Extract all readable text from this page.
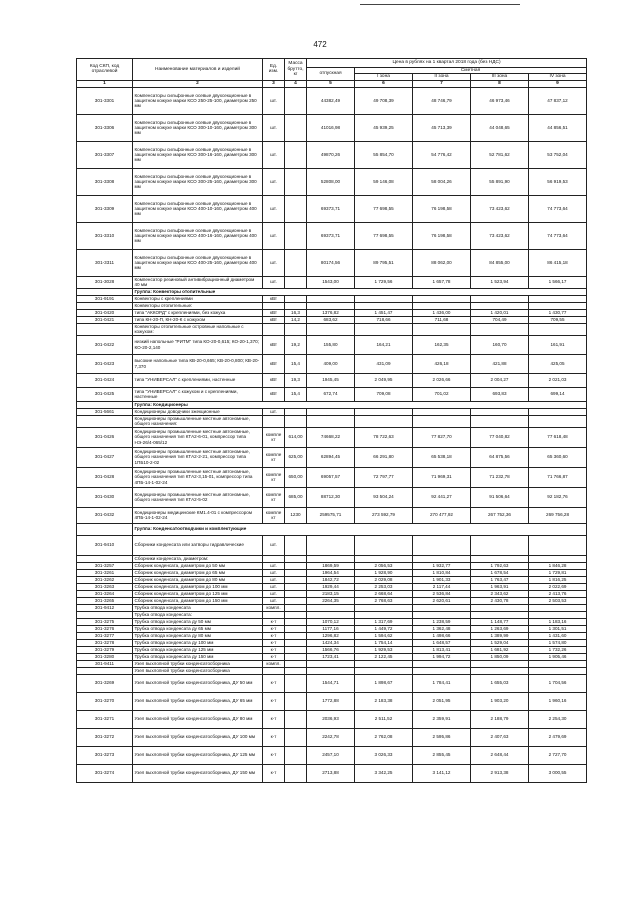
472
Код СКП, код отраслевой	Наименование материалов и изделий	Ед. изм.	Масса брутто, кг	Цена в рублях на 1 квартал 2018 года (без НДС)				
				отпускная	Сметная			
					I зона	II зона	III зона	IV зона
1	2	3	4	5	6	7	8	9
301-3301	Компенсаторы сильфонные осевые двухсекционные в защитном кожухе марки КСО 250-25-100, диаметром 250 мм	шт.		44382,49	49 708,39	48 746,79	46 973,46	47 837,12
301-3306	Компенсаторы сильфонные осевые двухсекционные в защитном кожухе марки КСО 300-10-160, диаметром 300 мм	шт.		41016,98	45 939,25	45 713,39	44 048,65	44 856,51
301-3307	Компенсаторы сильфонные осевые двухсекционные в защитном кожухе марки КСО 300-16-160, диаметром 300 мм	шт.		49870,26	55 854,70	54 776,42	52 781,62	53 752,04
301-3308	Компенсаторы сильфонные осевые двухсекционные в защитном кожухе марки КСО 300-25-160, диаметром 300 мм	шт.		52808,00	59 146,08	58 004,26	55 891,90	56 919,53
301-3309	Компенсаторы сильфонные осевые двухсекционные в защитном кожухе марки КСО 400-10-160, диаметром 400 мм	шт.		69373,71	77 698,55	76 198,58	73 423,62	74 773,64
301-3310	Компенсаторы сильфонные осевые двухсекционные в защитном кожухе марки КСО 400-16-160, диаметром 400 мм	шт.		69373,71	77 698,55	76 198,58	73 423,62	74 773,64
301-3311	Компенсаторы сильфонные осевые двухсекционные в защитном кожухе марки КСО 400-25-160, диаметром 400 мм	шт.		80174,56	89 795,51	88 062,00	84 855,00	86 415,18
301-3028	Компенсатор резиновый антивибрационный диаметром 40 мм	шт.		1543,00	1 729,56	1 657,78	1 523,94	1 566,17
	Группа: Конвекторы отопительные							
301-9191	Конвекторы с креплениями	кВт						
	Конвекторы отопительные:							
301-0420	типа "АККОРД" с креплениями, без кожуха	кВт	16,3	1376,82	1 451,47	1 436,00	1 420,01	1 430,77
301-0421	типа КН-20-П, КН-20-К с кожухом	кВт	14,2	683,62	718,66	711,68	704,49	709,55
	Конвекторы отопительные островные напольные с кожухом:							
301-0422	низкий напольные "РИТМ" типа КО-20-0,615; КО-20-1,370; КО-20-2,140	кВт	19,2	155,80	164,21	162,35	160,70	161,91
301-0423	высокие напольные типа КВ-20-0,665; КВ-20-0,800; КВ-20-7,370	кВт	15,4	409,00	431,09	426,18	421,88	425,05
301-0424	типа "УНИВЕРСАЛ" с креплениями, настенные	кВт	19,3	1945,45	2 049,95	2 026,66	2 004,27	2 021,03
301-0425	типа "УНИВЕРСАЛ" с кожухом и с креплениями, настенные	кВт	15,4	672,74	709,08	701,02	693,83	699,14
	Группа: Кондиционеры							
301-5661	Кондиционеры доводчики эжекционные	шт.						
	Кондиционеры промышленные местные автономные, общего назначения:							
301-0426	Кондиционеры промышленные местные автономные, общего назначения тип КТА2-6-01, компрессор типа НЭ-26/4-065/12	компле кт	614,00	74668,22	78 722,63	77 827,70	77 040,82	77 618,48
301-0427	Кондиционеры промышленные местные автономные, общего назначения тип КТА2-2-21, компрессор типа 1ПБ10-2-02	компле кт	625,00	62894,45	66 291,80	65 538,18	64 875,56	65 360,60
301-0428	Кондиционеры промышленные местные автономные, общего назначения тип КТА2-3,15-01, компрессор типа 4ПБ-14-1-02-24	компле кт	650,00	69057,57	72 797,77	71 969,31	71 232,78	71 766,87
301-0430	Кондиционеры промышленные местные автономные, общего назначения тип КТА2-5-02	компле кт	685,00	88712,30	93 504,24	92 441,27	91 506,64	92 182,76
301-0432	Кондиционеры медицинские КМ1.4-01 с компрессором 4ПБ-14-1-02-24	компле кт	1230	259575,71	273 592,79	270 477,92	267 752,36	269 756,28
	Группа: Конденсатоотводчики и комплектующие							
301-9410	Сборники конденсата или затворы гидравлические	шт.						
	Сборники конденсата, диаметром:							
301-3257	Сборник конденсата, диаметром до 50 мм	шт.		1869,59	2 056,53	1 932,77	1 792,63	1 846,28
301-3261	Сборник конденсата, диаметром до 65 мм	шт.		1964,54	1 928,90	1 810,84	1 678,54	1 729,81
301-3262	Сборник конденсата, диаметром до 80 мм	шт.		1842,72	2 029,08	1 901,33	1 763,47	1 816,25
301-3263	Сборник конденсата, диаметром до 100 мм	шт.		1929,44	2 253,03	2 117,44	1 963,91	2 022,69
301-3264	Сборник конденсата, диаметром до 125 мм	шт.		2183,15	2 668,64	2 536,84	2 343,62	2 413,76
301-3265	Сборник конденсата, диаметром до 150 мм	шт.		2264,35	2 768,63	2 620,61	2 430,78	2 503,53
301-9412	Трубка отвода конденсата	компл.						
	Трубка отвода конденсата:							
301-3275	Трубка отвода конденсата ду 50 мм	к-т		1070,12	1 317,69	1 238,59	1 148,77	1 183,16
301-3276	Трубка отвода конденсата ду 65 мм	к-т		1177,16	1 449,72	1 362,48	1 263,69	1 301,51
301-3277	Трубка отвода конденсата ду 80 мм	к-т		1296,82	1 594,62	1 498,66	1 389,99	1 431,60
301-3278	Трубка отвода конденсата ду 100 мм	к-т		1424,34	1 754,14	1 648,57	1 529,04	1 574,80
301-3279	Трубка отвода конденсата ду 125 мм	к-т		1566,76	1 929,53	1 813,41	1 681,92	1 732,26
301-3280	Трубка отвода конденсата ду 150 мм	к-т		1723,41	2 122,45	1 994,72	1 850,09	1 905,46
301-9411	Узел выхлопной трубки конденсатосборника	компл.						
	Узел выхлопной трубки конденсатосборника							
301-3269	Узел выхлопной трубки конденсатосборника, ДУ 50 мм	к-т		1544,71	1 898,67	1 784,41	1 655,03	1 704,56
301-3270	Узел выхлопной трубки конденсатосборника, ДУ 65 мм	к-т		1772,88	2 183,38	2 051,95	1 903,20	1 960,16
301-3271	Узел выхлопной трубки конденсатосборника, ДУ 80 мм	к-т		2036,93	2 511,52	2 359,91	2 188,79	2 254,30
301-3272	Узел выхлопной трубки конденсатосборника, ДУ 100 мм	к-т		2242,78	2 762,08	2 595,86	2 407,63	2 479,69
301-3273	Узел выхлопной трубки конденсатосборника, ДУ 125 мм	к-т		2457,10	3 026,33	2 855,45	2 648,44	2 727,70
301-3274	Узел выхлопной трубки конденсатосборника, ДУ 150 мм	к-т		2713,88	3 342,25	3 141,12	2 913,38	3 000,55
